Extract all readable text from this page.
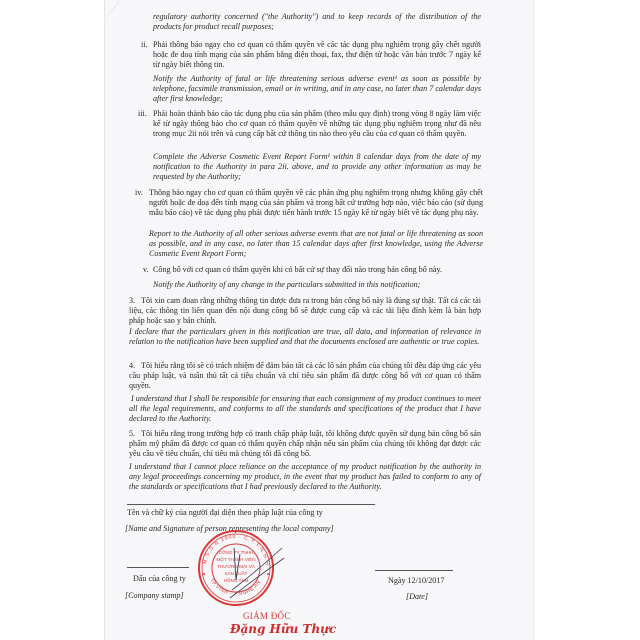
regulatory authority concerned ("the Authority") and to keep records of the distribution of the products for product recall purposes;
ii. Phải thông báo ngay cho cơ quan có thẩm quyền về các tác dụng phụ nghiêm trọng gây chết người hoặc đe doạ tính mạng của sản phẩm bằng điện thoại, fax, thư điện tử hoặc văn bản trước 7 ngày kể từ ngày biết thông tin.
Notify the Authority of fatal or life threatening serious adverse event¹ as soon as possible by telephone, facsimile transmission, email or in writing, and in any case, no later than 7 calendar days after first knowledge;
iii. Phải hoàn thành báo cáo tác dụng phụ của sản phẩm (theo mẫu quy định) trong vòng 8 ngày làm việc kể từ ngày thông báo cho cơ quan có thẩm quyền về những tác dụng phụ nghiêm trọng như đã nêu trong mục 2ii nói trên và cung cấp bất cứ thông tin nào theo yêu cầu của cơ quan có thẩm quyền.
Complete the Adverse Cosmetic Event Report Form¹ within 8 calendar days from the date of my notification to the Authority in para 2ii. above, and to provide any other information as may be requested by the Authority;
iv. Thông báo ngay cho cơ quan có thẩm quyền về các phản ứng phụ nghiêm trọng nhưng không gây chết người hoặc đe doạ đến tính mạng của sản phẩm và trong bất cứ trường hợp nào, việc báo cáo (sử dụng mẫu báo cáo) về tác dụng phụ phải được tiến hành trước 15 ngày kể từ ngày biết về tác dụng phụ này.
Report to the Authority of all other serious adverse events that are not fatal or life threatening as soon as possible, and in any case, no later than 15 calendar days after first knowledge, using the Adverse Cosmetic Event Report Form;
v. Công bố với cơ quan có thẩm quyền khi có bất cứ sự thay đổi nào trong bản công bố này.
Notify the Authority of any change in the particulars submitted in this notification;
3. Tôi xin cam đoan rằng những thông tin được đưa ra trong bản công bố này là đúng sự thật. Tất cả các tài liệu, các thông tin liên quan đến nội dung công bố sẽ được cung cấp và các tài liệu đính kèm là bản hợp pháp hoặc sao y bản chính.
I declare that the particulars given in this notification are true, all data, and information of relevance in relation to the notification have been supplied and that the documents enclosed are authentic or true copies.
4. Tôi hiểu rằng tôi sẽ có trách nhiệm để đảm bảo tất cả các lô sản phẩm của chúng tôi đều đáp ứng các yêu cầu pháp luật, và tuân thủ tất cả tiêu chuẩn và chỉ tiêu sản phẩm đã được công bố với cơ quan có thẩm quyền.
I understand that I shall be responsible for ensuring that each consignment of my product continues to meet all the legal requirements, and conforms to all the standards and specifications of the product that I have declared to the Authority.
5. Tôi hiểu rằng trong trường hợp có tranh chấp pháp luật, tôi không được quyền sử dụng bản công bố sản phẩm mỹ phẩm đã được cơ quan có thẩm quyền chấp nhận nếu sản phẩm của chúng tôi không đạt được các yêu cầu về tiêu chuẩn, chỉ tiêu mà chúng tôi đã công bố.
I understand that I cannot place reliance on the acceptance of my product notification by the authority in any legal proceedings concerning my product, in the event that my product has failed to conform to any of the standards or specifications that I had previously declared to the Authority.
Tên và chữ ký của người đại diện theo pháp luật của công ty
[Name and Signature of person representing the local company]
Dấu của công ty
[Company stamp]
Ngày 12/10/2017
[Date]
GIÁM ĐỐC
Đặng Hữu Thực
M.S.D.N 2900 · C.T.T.N.H.H
TP.VINH - T.NGHỆ AN
CÔNG TY TNHH
MỘT THÀNH VIÊN
THƯƠNG MẠI VÀ
SẢN XUẤT
HỒNG TÂM
